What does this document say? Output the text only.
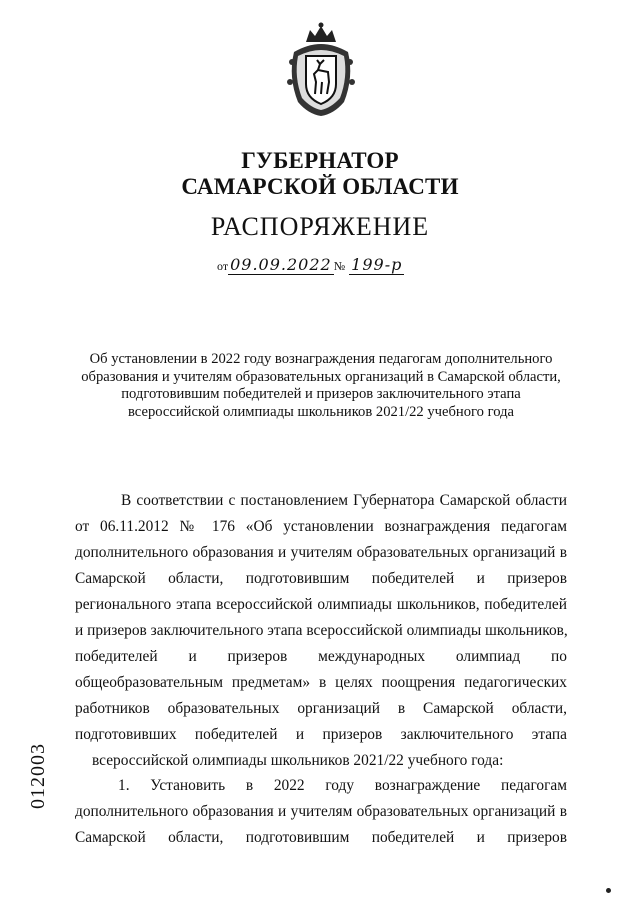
ГУБЕРНАТОР
САМАРСКОЙ ОБЛАСТИ
РАСПОРЯЖЕНИЕ
от 09.09.2022 № 199-р
Об установлении в 2022 году вознаграждения педагогам дополнительного
образования и учителям образовательных организаций в Самарской области,
подготовившим победителей и призеров заключительного этапа
всероссийской олимпиады школьников 2021/22 учебного года
В соответствии с постановлением Губернатора Самарской области
от 06.11.2012 № 176 «Об установлении вознаграждения педагогам
дополнительного образования и учителям образовательных организаций в
Самарской области, подготовившим победителей и призеров
регионального этапа всероссийской олимпиады школьников, победителей
и призеров заключительного этапа всероссийской олимпиады школьников,
победителей и призеров международных олимпиад по
общеобразовательным предметам» в целях поощрения педагогических
работников образовательных организаций в Самарской области,
подготовивших победителей и призеров заключительного этапа
всероссийской олимпиады школьников 2021/22 учебного года:
1. Установить в 2022 году вознаграждение педагогам
дополнительного образования и учителям образовательных организаций в
Самарской области, подготовившим победителей и призеров
012003
